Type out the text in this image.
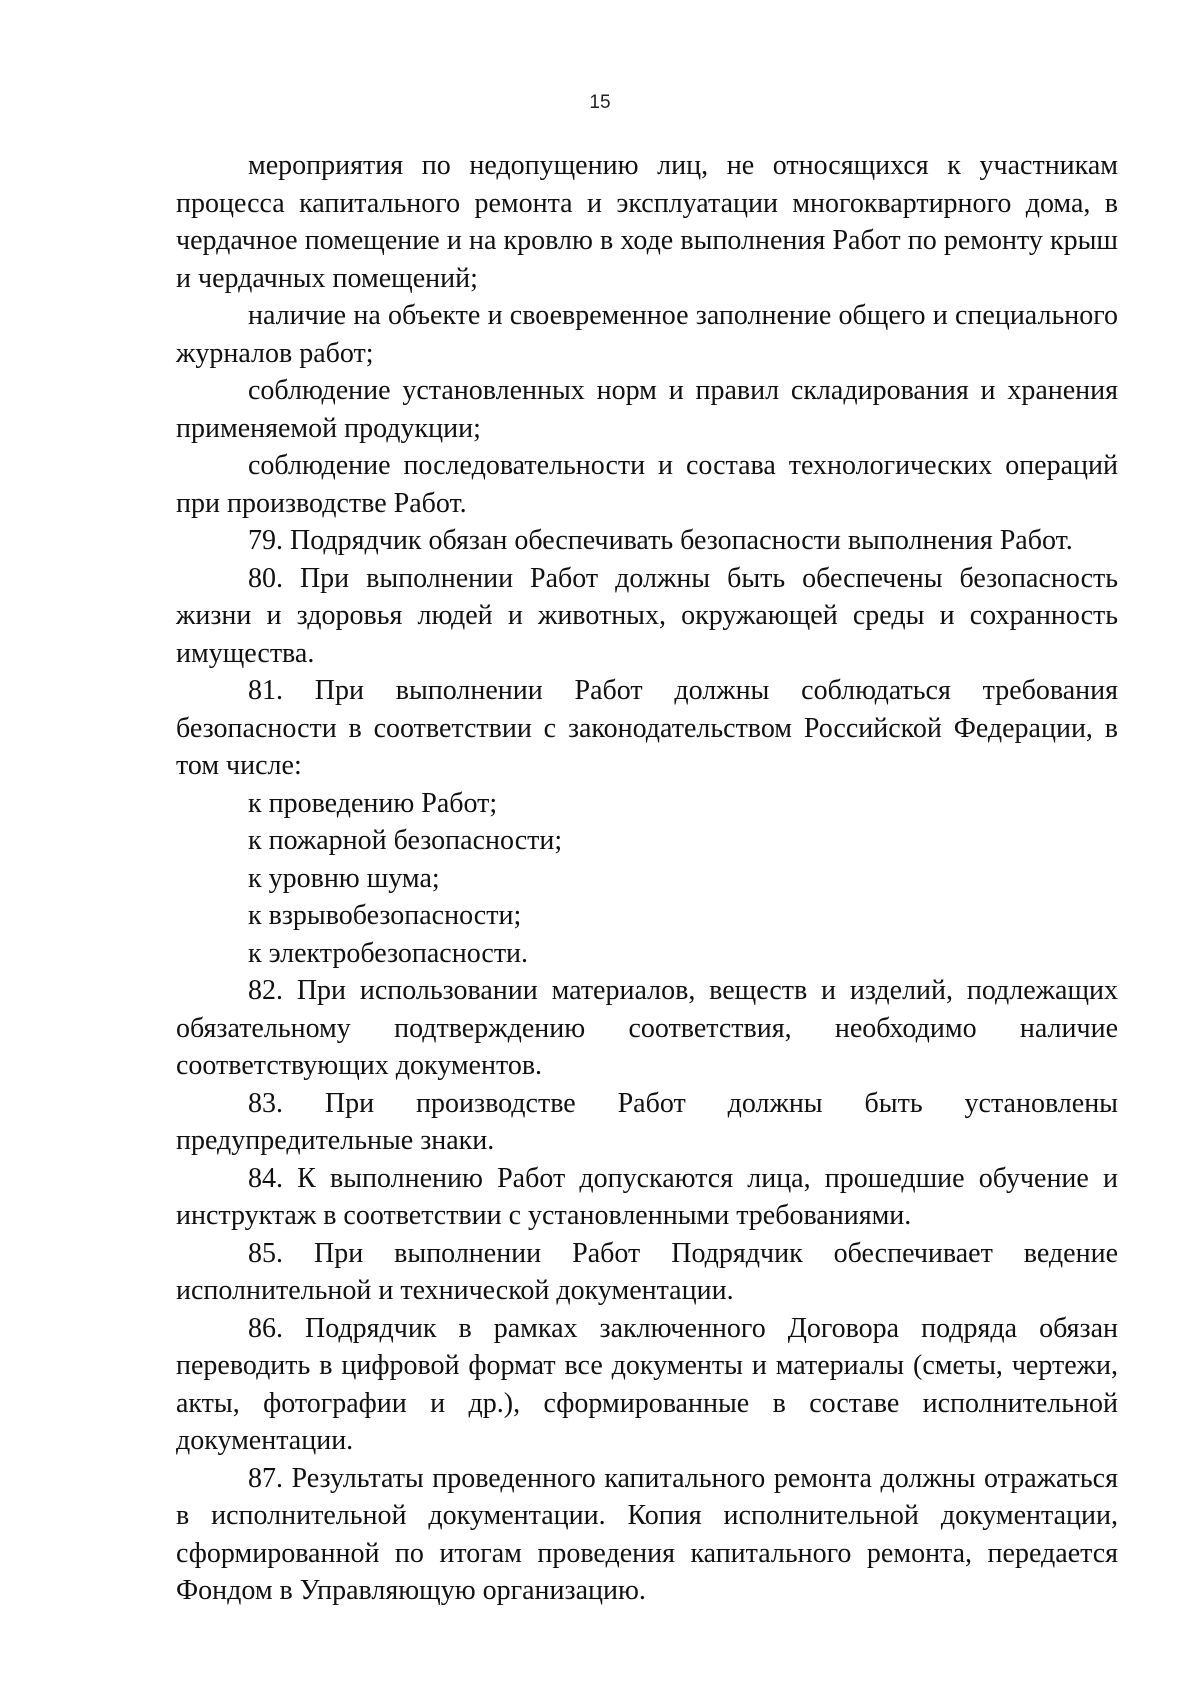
15

мероприятия по недопущению лиц, не относящихся к участникам процесса капитального ремонта и эксплуатации многоквартирного дома, в чердачное помещение и на кровлю в ходе выполнения Работ по ремонту крыш и чердачных помещений;

наличие на объекте и своевременное заполнение общего и специального журналов работ;

соблюдение установленных норм и правил складирования и хранения применяемой продукции;

соблюдение последовательности и состава технологических операций при производстве Работ.

79. Подрядчик обязан обеспечивать безопасности выполнения Работ.

80. При выполнении Работ должны быть обеспечены безопасность жизни и здоровья людей и животных, окружающей среды и сохранность имущества.

81. При выполнении Работ должны соблюдаться требования безопасности в соответствии с законодательством Российской Федерации, в том числе:

к проведению Работ;

к пожарной безопасности;

к уровню шума;

к взрывобезопасности;

к электробезопасности.

82. При использовании материалов, веществ и изделий, подлежащих обязательному подтверждению соответствия, необходимо наличие соответствующих документов.

83. При производстве Работ должны быть установлены предупредительные знаки.

84. К выполнению Работ допускаются лица, прошедшие обучение и инструктаж в соответствии с установленными требованиями.

85. При выполнении Работ Подрядчик обеспечивает ведение исполнительной и технической документации.

86. Подрядчик в рамках заключенного Договора подряда обязан переводить в цифровой формат все документы и материалы (сметы, чертежи, акты, фотографии и др.), сформированные в составе исполнительной документации.

87. Результаты проведенного капитального ремонта должны отражаться в исполнительной документации. Копия исполнительной документации, сформированной по итогам проведения капитального ремонта, передается Фондом в Управляющую организацию.
